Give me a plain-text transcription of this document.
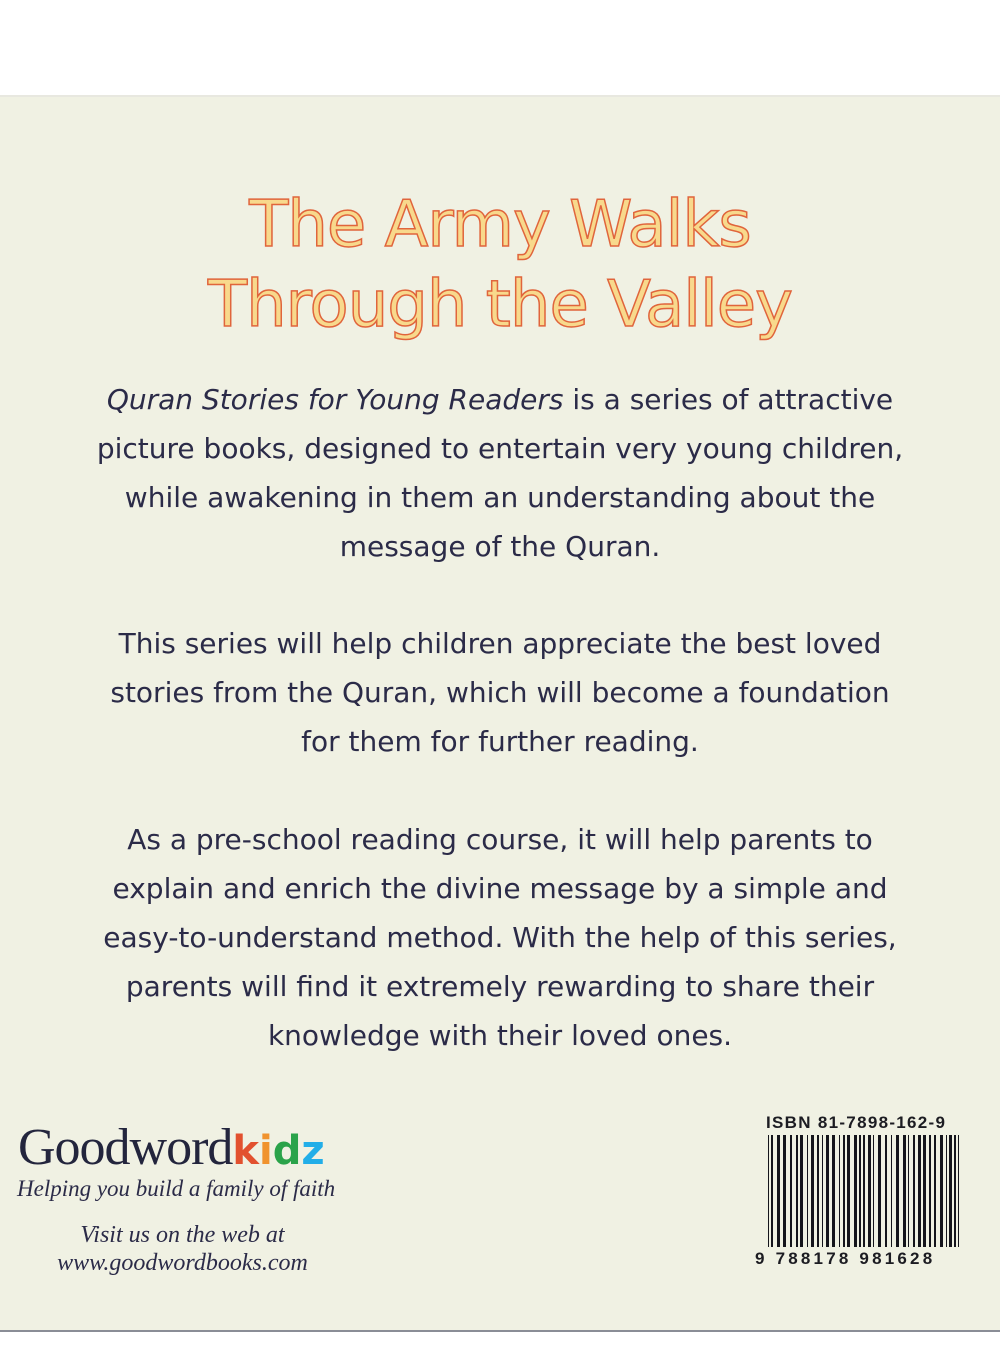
The Army Walks
Through the Valley
Quran Stories for Young Readers is a series of attractive
picture books, designed to entertain very young children,
while awakening in them an understanding about the
message of the Quran.
This series will help children appreciate the best loved
stories from the Quran, which will become a foundation
for them for further reading.
As a pre-school reading course, it will help parents to
explain and enrich the divine message by a simple and
easy-to-understand method. With the help of this series,
parents will find it extremely rewarding to share their
knowledge with their loved ones.
Goodwordkidz
Helping you build a family of faith
Visit us on the web at
www.goodwordbooks.com
ISBN 81-7898-162-9
9 788178 981628
